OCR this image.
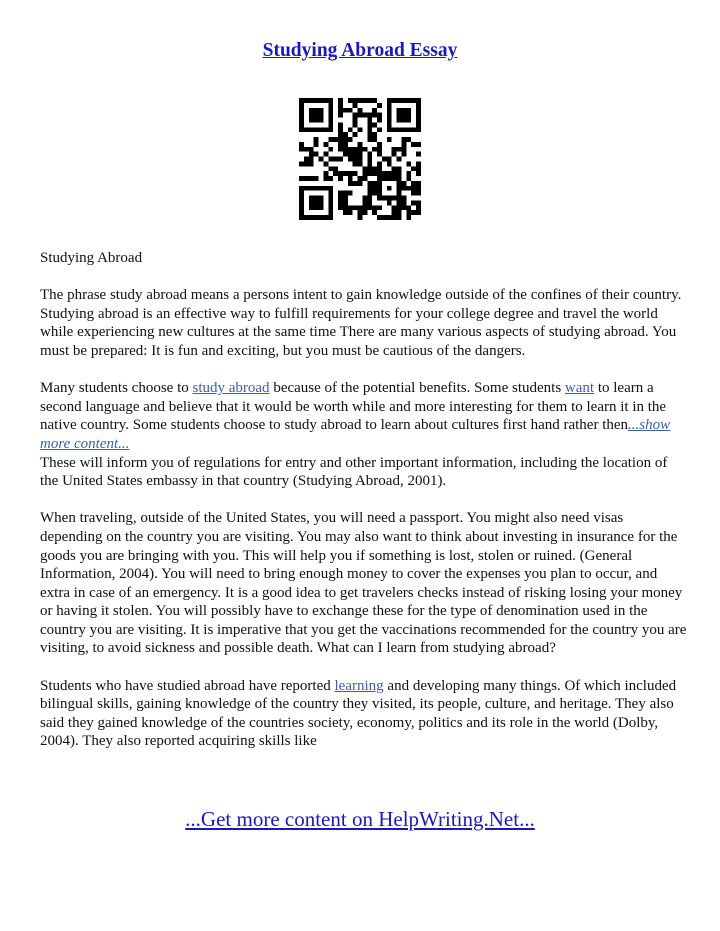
Studying Abroad Essay

Studying Abroad

The phrase study abroad means a persons intent to gain knowledge outside of the confines of their country. Studying abroad is an effective way to fulfill requirements for your college degree and travel the world while experiencing new cultures at the same time There are many various aspects of studying abroad. You must be prepared: It is fun and exciting, but you must be cautious of the dangers.

Many students choose to study abroad because of the potential benefits. Some students want to learn a second language and believe that it would be worth while and more interesting for them to learn it in the native country. Some students choose to study abroad to learn about cultures first hand rather then...show more content...

These will inform you of regulations for entry and other important information, including the location of the United States embassy in that country (Studying Abroad, 2001).

When traveling, outside of the United States, you will need a passport. You might also need visas depending on the country you are visiting. You may also want to think about investing in insurance for the goods you are bringing with you. This will help you if something is lost, stolen or ruined. (General Information, 2004). You will need to bring enough money to cover the expenses you plan to occur, and extra in case of an emergency. It is a good idea to get travelers checks instead of risking losing your money or having it stolen. You will possibly have to exchange these for the type of denomination used in the country you are visiting. It is imperative that you get the vaccinations recommended for the country you are visiting, to avoid sickness and possible death. What can I learn from studying abroad?

Students who have studied abroad have reported learning and developing many things. Of which included bilingual skills, gaining knowledge of the country they visited, its people, culture, and heritage. They also said they gained knowledge of the countries society, economy, politics and its role in the world (Dolby, 2004). They also reported acquiring skills like

...Get more content on HelpWriting.Net...
